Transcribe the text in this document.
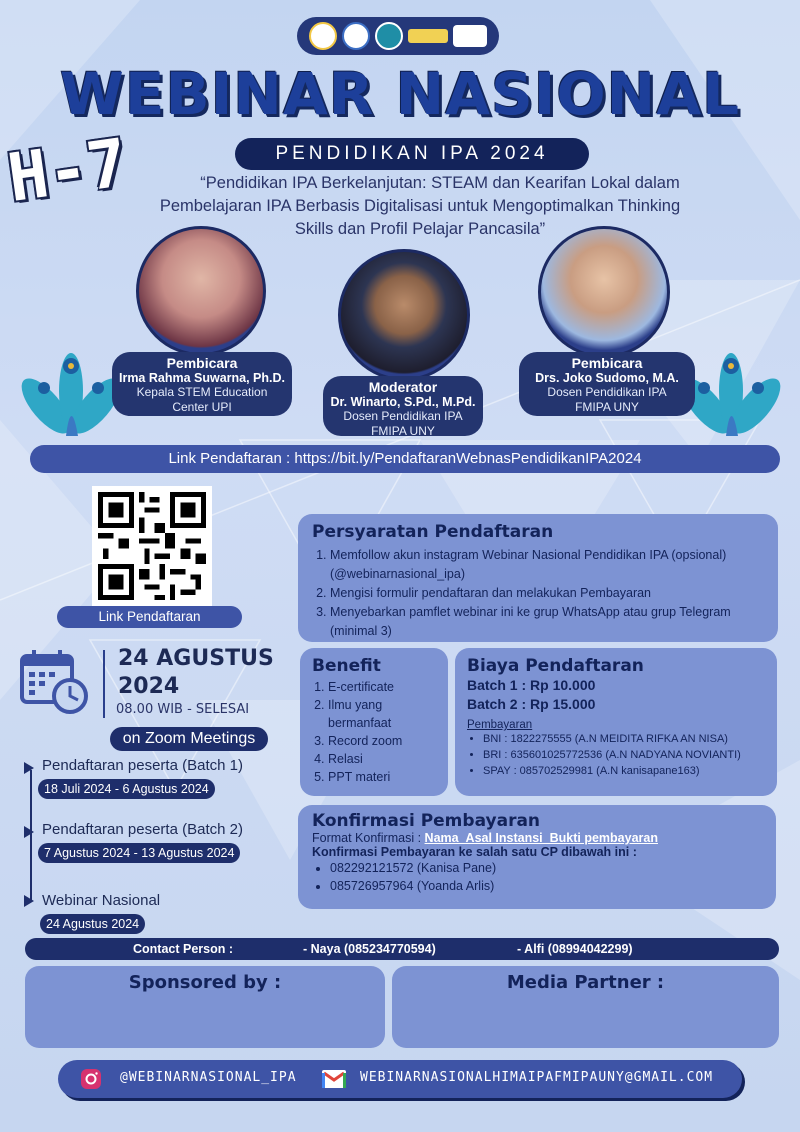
WEBINAR NASIONAL
PENDIDIKAN IPA 2024
H-7	“Pendidikan IPA Berkelanjutan: STEAM dan Kearifan Lokal dalam
Pembelajaran IPA Berbasis Digitalisasi untuk Mengoptimalkan Thinking
Skills dan Profil Pelajar Pancasila”
Pembicara
Irma Rahma Suwarna, Ph.D.
Kepala STEM Education
Center UPI
Moderator
Dr. Winarto, S.Pd., M.Pd.
Dosen Pendidikan IPA
FMIPA UNY
Pembicara
Drs. Joko Sudomo, M.A.
Dosen Pendidikan IPA
FMIPA UNY
Link Pendaftaran : https://bit.ly/PendaftaranWebnasPendidikanIPA2024
Link Pendaftaran
24 AGUSTUS
2024
08.00 WIB - SELESAI
on Zoom Meetings
Pendaftaran peserta (Batch 1)
18 Juli 2024 - 6 Agustus 2024
Pendaftaran peserta (Batch 2)
7 Agustus 2024 - 13 Agustus 2024
Webinar Nasional
24 Agustus 2024
Persyaratan Pendaftaran
1. Memfollow akun instagram Webinar Nasional Pendidikan IPA (opsional) (@webinarnasional_ipa)
2. Mengisi formulir pendaftaran dan melakukan Pembayaran
3. Menyebarkan pamflet webinar ini ke grup WhatsApp atau grup Telegram (minimal 3)
Benefit
1. E-certificate
2. Ilmu yang bermanfaat
3. Record zoom
4. Relasi
5. PPT materi
Biaya Pendaftaran
Batch 1 : Rp 10.000
Batch 2 : Rp 15.000
Pembayaran
• BNI : 1822275555 (A.N MEIDITA RIFKA AN NISA)
• BRI : 635601025772536 (A.N NADYANA NOVIANTI)
• SPAY : 085702529981 (A.N kanisapane163)
Konfirmasi Pembayaran
Format Konfirmasi : Nama_Asal Instansi_Bukti pembayaran
Konfirmasi Pembayaran ke salah satu CP dibawah ini :
• 082292121572 (Kanisa Pane)
• 085726957964 (Yoanda Arlis)
Contact Person :	- Naya (085234770594)	- Alfi (08994042299)
Sponsored by :	Media Partner :
@WEBINARNASIONAL_IPA	WEBINARNASIONALHIMAIPAFMIPAUNY@GMAIL.COM
